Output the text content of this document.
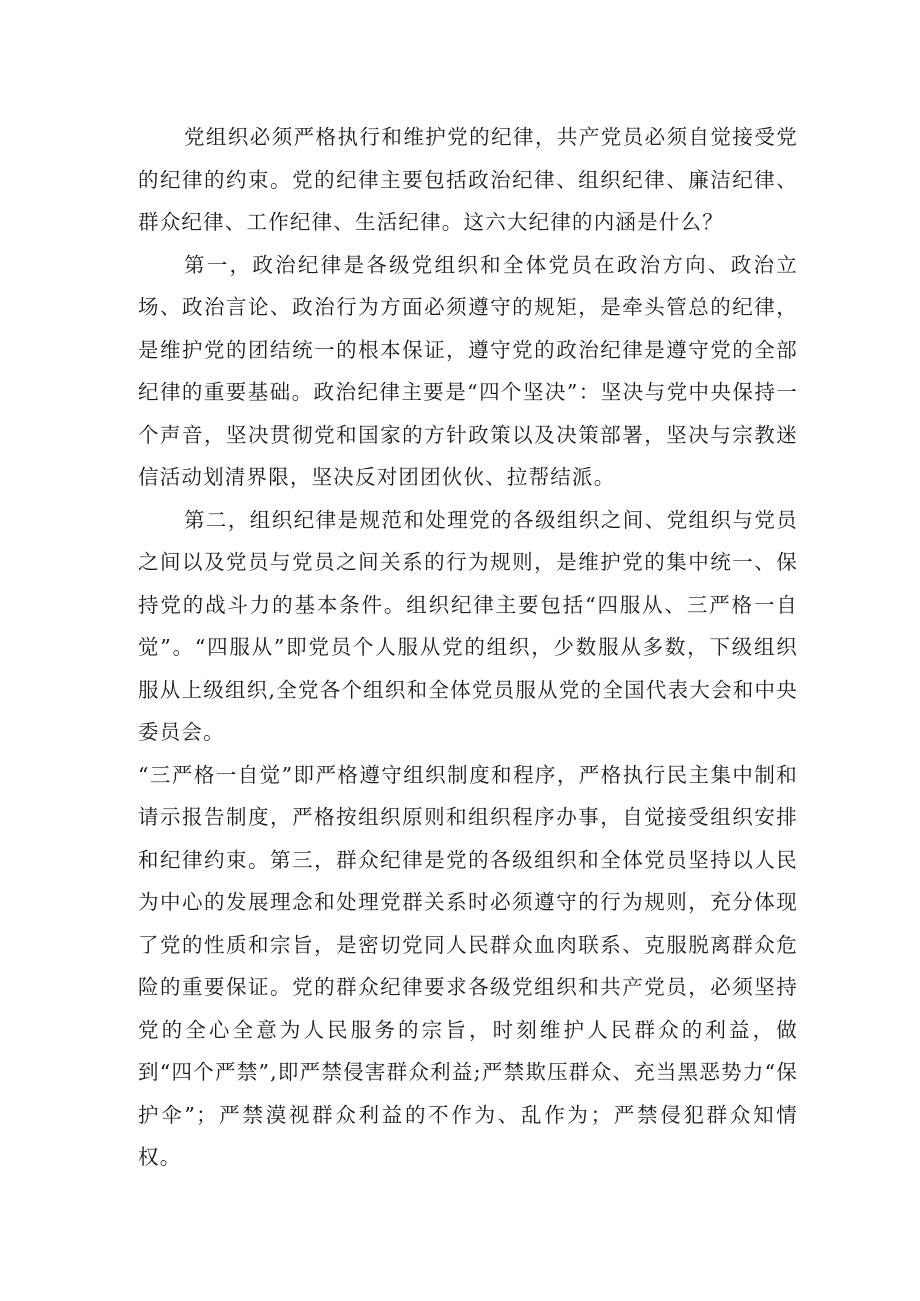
党组织必须严格执行和维护党的纪律，共产党员必须自觉接受党的纪律的约束。党的纪律主要包括政治纪律、组织纪律、廉洁纪律、群众纪律、工作纪律、生活纪律。这六大纪律的内涵是什么？

第一，政治纪律是各级党组织和全体党员在政治方向、政治立场、政治言论、政治行为方面必须遵守的规矩，是牵头管总的纪律，是维护党的团结统一的根本保证，遵守党的政治纪律是遵守党的全部纪律的重要基础。政治纪律主要是“四个坚决”：坚决与党中央保持一个声音，坚决贯彻党和国家的方针政策以及决策部署，坚决与宗教迷信活动划清界限，坚决反对团团伙伙、拉帮结派。

第二，组织纪律是规范和处理党的各级组织之间、党组织与党员之间以及党员与党员之间关系的行为规则，是维护党的集中统一、保持党的战斗力的基本条件。组织纪律主要包括“四服从、三严格一自觉”。“四服从”即党员个人服从党的组织，少数服从多数，下级组织服从上级组织,全党各个组织和全体党员服从党的全国代表大会和中央委员会。

“三严格一自觉”即严格遵守组织制度和程序，严格执行民主集中制和请示报告制度，严格按组织原则和组织程序办事，自觉接受组织安排和纪律约束。第三，群众纪律是党的各级组织和全体党员坚持以人民为中心的发展理念和处理党群关系时必须遵守的行为规则，充分体现了党的性质和宗旨，是密切党同人民群众血肉联系、克服脱离群众危险的重要保证。党的群众纪律要求各级党组织和共产党员，必须坚持党的全心全意为人民服务的宗旨，时刻维护人民群众的利益，做到“四个严禁”,即严禁侵害群众利益;严禁欺压群众、充当黑恶势力“保护伞”；严禁漠视群众利益的不作为、乱作为；严禁侵犯群众知情权。
